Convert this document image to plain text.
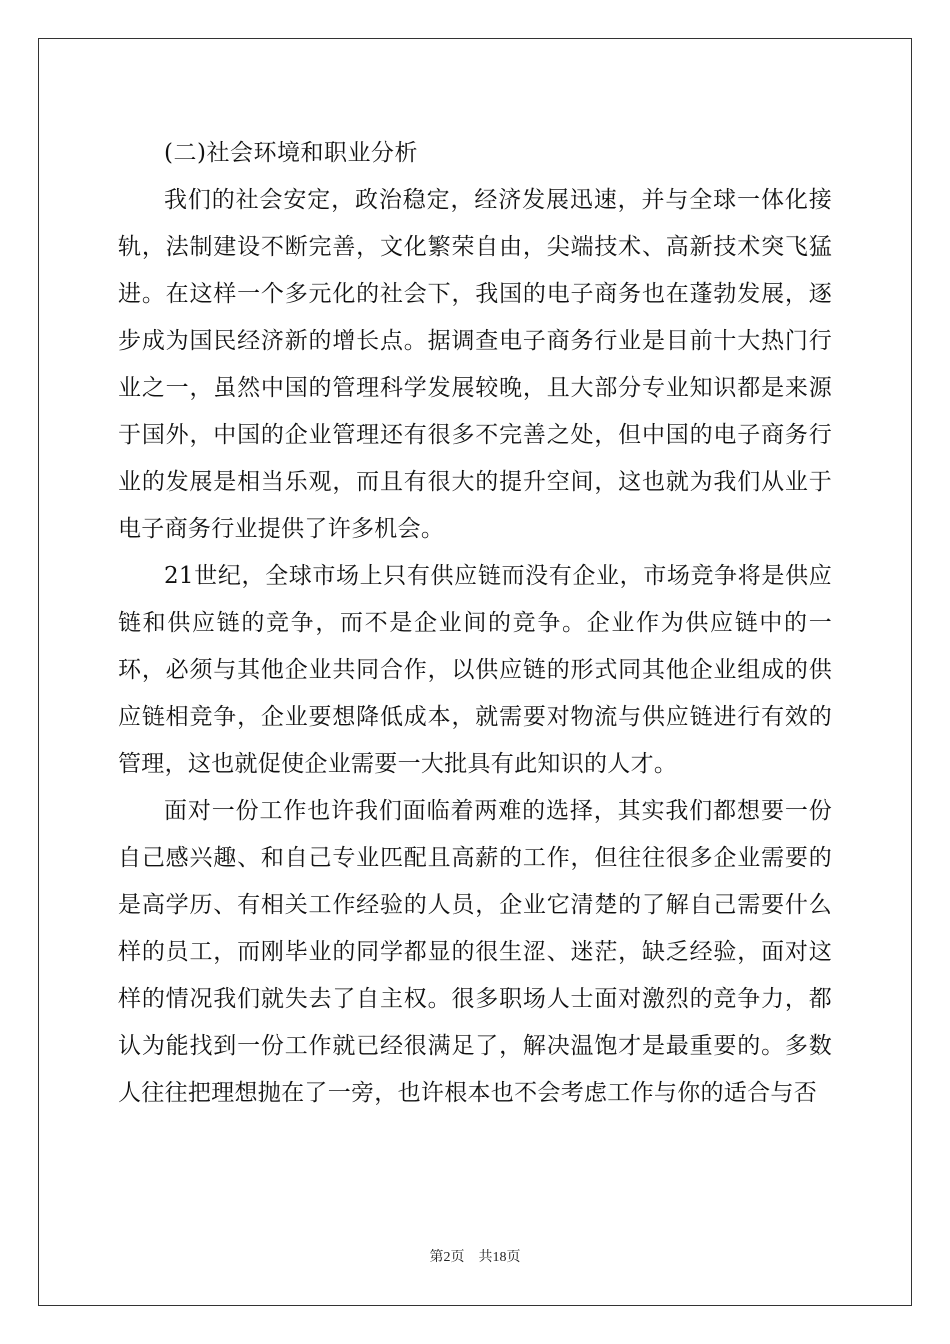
(二)社会环境和职业分析

我们的社会安定，政治稳定，经济发展迅速，并与全球一体化接轨，法制建设不断完善，文化繁荣自由，尖端技术、高新技术突飞猛进。在这样一个多元化的社会下，我国的电子商务也在蓬勃发展，逐步成为国民经济新的增长点。据调查电子商务行业是目前十大热门行业之一，虽然中国的管理科学发展较晚，且大部分专业知识都是来源于国外，中国的企业管理还有很多不完善之处，但中国的电子商务行业的发展是相当乐观，而且有很大的提升空间，这也就为我们从业于电子商务行业提供了许多机会。

21世纪，全球市场上只有供应链而没有企业，市场竞争将是供应链和供应链的竞争，而不是企业间的竞争。企业作为供应链中的一环，必须与其他企业共同合作，以供应链的形式同其他企业组成的供应链相竞争，企业要想降低成本，就需要对物流与供应链进行有效的管理，这也就促使企业需要一大批具有此知识的人才。

面对一份工作也许我们面临着两难的选择，其实我们都想要一份自己感兴趣、和自己专业匹配且高薪的工作，但往往很多企业需要的是高学历、有相关工作经验的人员，企业它清楚的了解自己需要什么样的员工，而刚毕业的同学都显的很生涩、迷茫，缺乏经验，面对这样的情况我们就失去了自主权。很多职场人士面对激烈的竞争力，都认为能找到一份工作就已经很满足了，解决温饱才是最重要的。多数人往往把理想抛在了一旁，也许根本也不会考虑工作与你的适合与否

第2页 共18页
